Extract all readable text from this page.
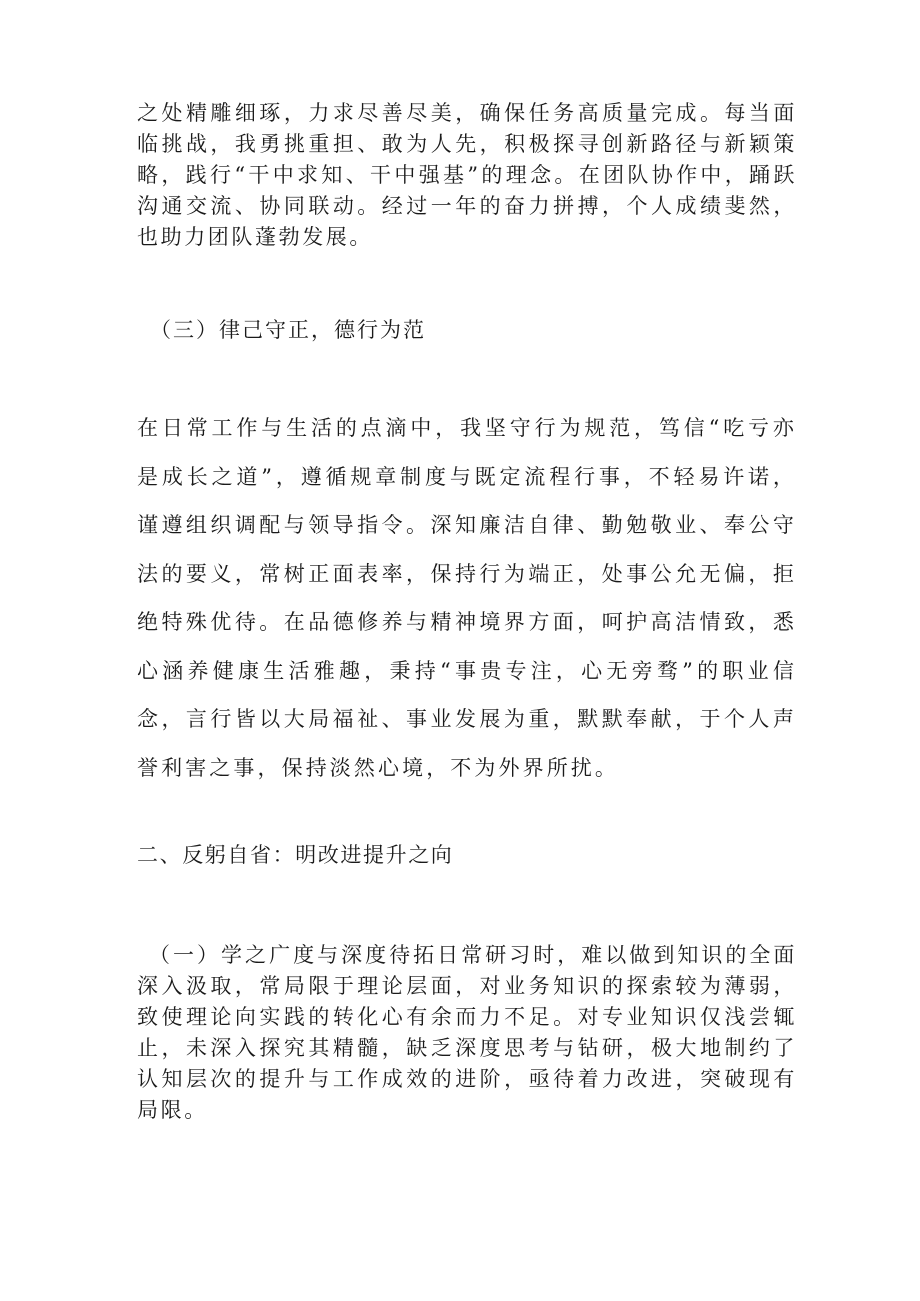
之处精雕细琢，力求尽善尽美，确保任务高质量完成。每当面临挑战，我勇挑重担、敢为人先，积极探寻创新路径与新颖策略，践行“干中求知、干中强基”的理念。在团队协作中，踊跃沟通交流、协同联动。经过一年的奋力拼搏，个人成绩斐然，也助力团队蓬勃发展。

（三）律己守正，德行为范

在日常工作与生活的点滴中，我坚守行为规范，笃信“吃亏亦是成长之道”，遵循规章制度与既定流程行事，不轻易许诺，谨遵组织调配与领导指令。深知廉洁自律、勤勉敬业、奉公守法的要义，常树正面表率，保持行为端正，处事公允无偏，拒绝特殊优待。在品德修养与精神境界方面，呵护高洁情致，悉心涵养健康生活雅趣，秉持“事贵专注，心无旁骛”的职业信念，言行皆以大局福祉、事业发展为重，默默奉献，于个人声誉利害之事，保持淡然心境，不为外界所扰。

二、反躬自省：明改进提升之向

（一）学之广度与深度待拓日常研习时，难以做到知识的全面深入汲取，常局限于理论层面，对业务知识的探索较为薄弱，致使理论向实践的转化心有余而力不足。对专业知识仅浅尝辄止，未深入探究其精髓，缺乏深度思考与钻研，极大地制约了认知层次的提升与工作成效的进阶，亟待着力改进，突破现有局限。
